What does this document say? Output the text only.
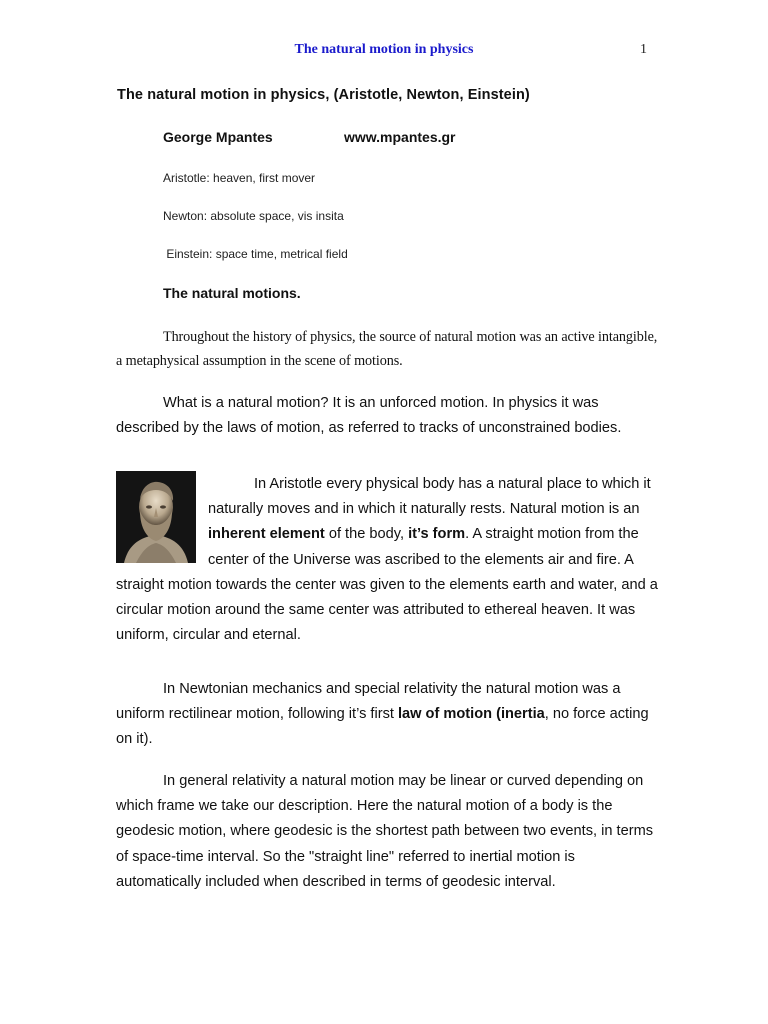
The natural motion in physics	1
The natural motion in physics, (Aristotle, Newton, Einstein)
George Mpantes	www.mpantes.gr
Aristotle: heaven, first mover
Newton: absolute space, vis insita
Einstein: space time, metrical field
The natural motions.

Throughout the history of physics, the source of natural motion was an active intangible, a metaphysical assumption in the scene of motions.

What is a natural motion? It is an unforced motion. In physics it was described by the laws of motion, as referred to tracks of unconstrained bodies.

In Aristotle every physical body has a natural place to which it naturally moves and in which it naturally rests. Natural motion is an inherent element of the body, it’s form. A straight motion from the center of the Universe was ascribed to the elements air and fire. A straight motion towards the center was given to the elements earth and water, and a circular motion around the same center was attributed to ethereal heaven. It was uniform, circular and eternal.

In Newtonian mechanics and special relativity the natural motion was a uniform rectilinear motion, following it’s first law of motion (inertia, no force acting on it).

In general relativity a natural motion may be linear or curved depending on which frame we take our description. Here the natural motion of a body is the geodesic motion, where geodesic is the shortest path between two events, in terms of space-time interval. So the "straight line" referred to inertial motion is automatically included when described in terms of geodesic interval.
